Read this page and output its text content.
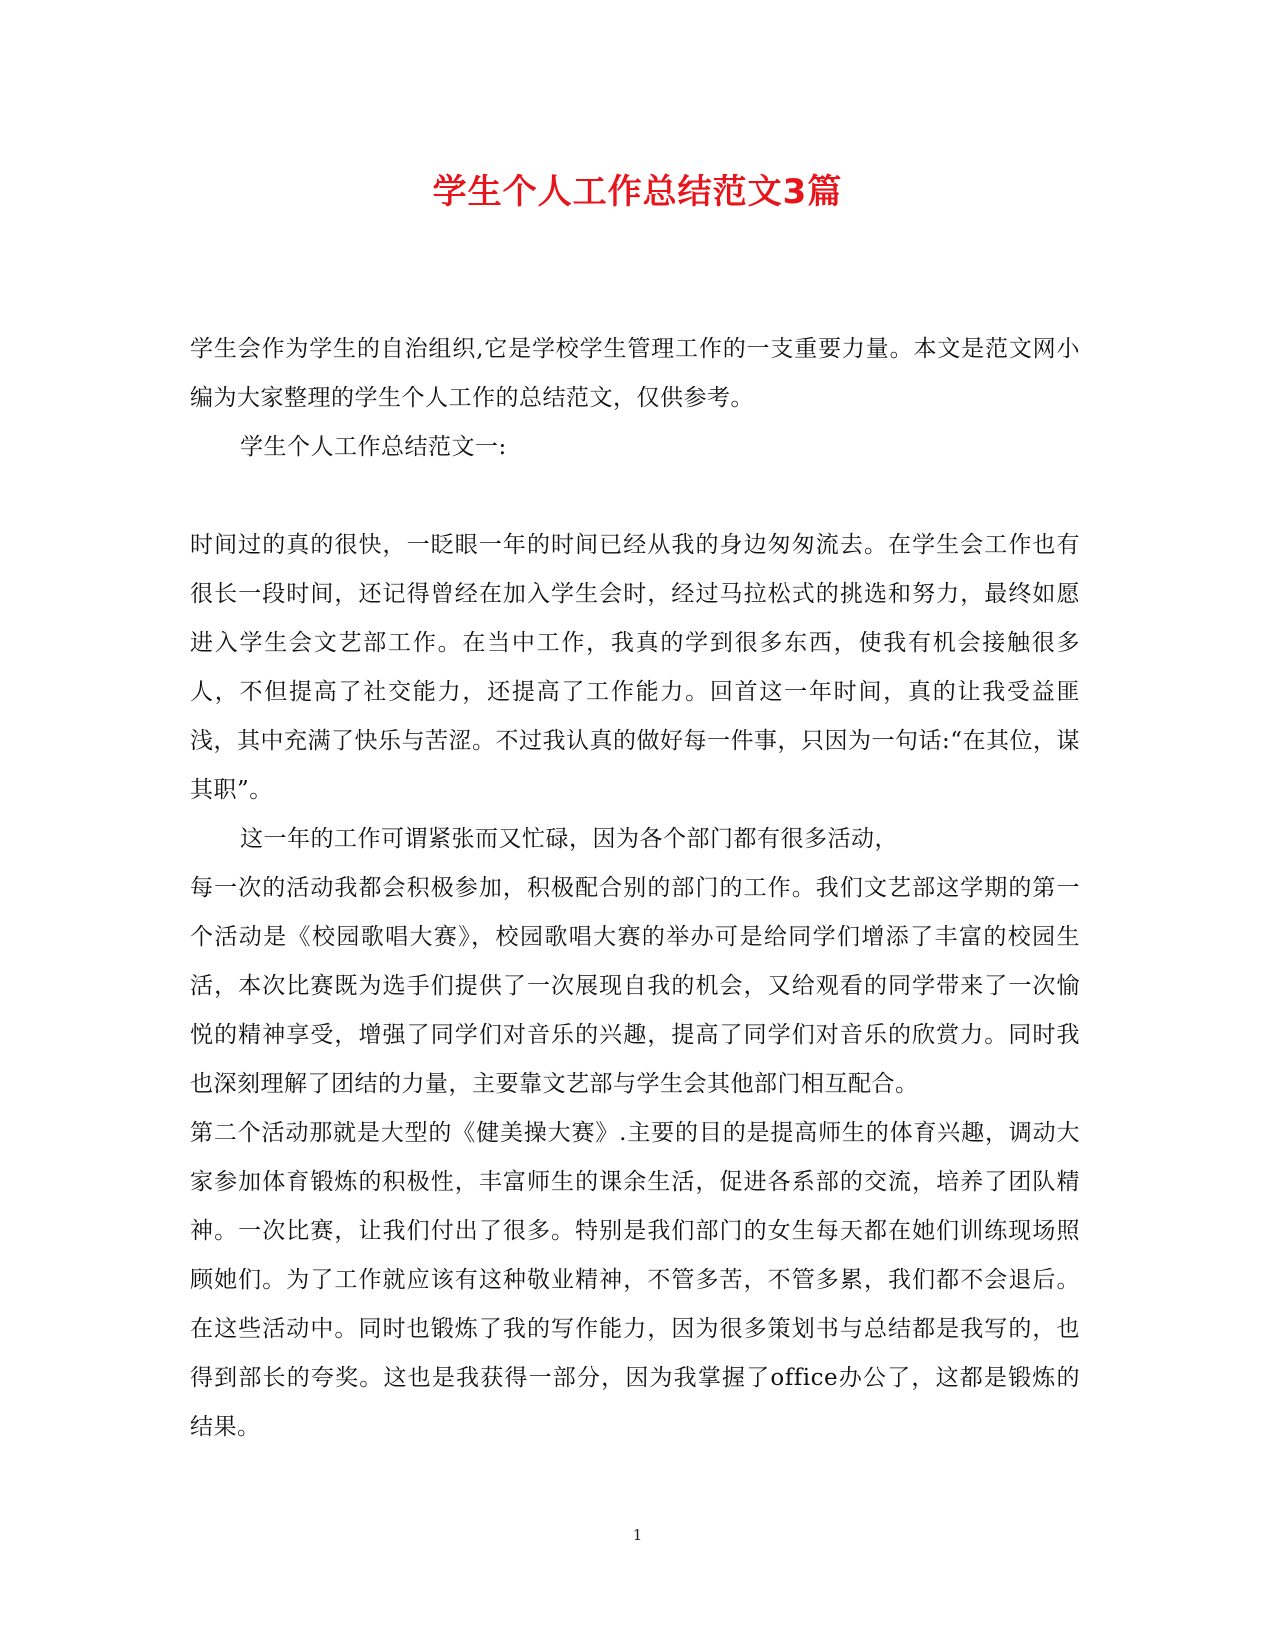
学生个人工作总结范文3篇

学生会作为学生的自治组织,它是学校学生管理工作的一支重要力量。本文是范文网小编为大家整理的学生个人工作的总结范文，仅供参考。

学生个人工作总结范文一:

时间过的真的很快，一眨眼一年的时间已经从我的身边匆匆流去。在学生会工作也有很长一段时间，还记得曾经在加入学生会时，经过马拉松式的挑选和努力，最终如愿进入学生会文艺部工作。在当中工作，我真的学到很多东西，使我有机会接触很多人，不但提高了社交能力，还提高了工作能力。回首这一年时间，真的让我受益匪浅，其中充满了快乐与苦涩。不过我认真的做好每一件事，只因为一句话:“在其位，谋其职”。

这一年的工作可谓紧张而又忙碌，因为各个部门都有很多活动，

每一次的活动我都会积极参加，积极配合别的部门的工作。我们文艺部这学期的第一个活动是《校园歌唱大赛》，校园歌唱大赛的举办可是给同学们增添了丰富的校园生活，本次比赛既为选手们提供了一次展现自我的机会，又给观看的同学带来了一次愉悦的精神享受，增强了同学们对音乐的兴趣，提高了同学们对音乐的欣赏力。同时我也深刻理解了团结的力量，主要靠文艺部与学生会其他部门相互配合。

第二个活动那就是大型的《健美操大赛》.主要的目的是提高师生的体育兴趣，调动大家参加体育锻炼的积极性，丰富师生的课余生活，促进各系部的交流，培养了团队精神。一次比赛，让我们付出了很多。特别是我们部门的女生每天都在她们训练现场照顾她们。为了工作就应该有这种敬业精神，不管多苦，不管多累，我们都不会退后。在这些活动中。同时也锻炼了我的写作能力，因为很多策划书与总结都是我写的，也得到部长的夸奖。这也是我获得一部分，因为我掌握了office办公了，这都是锻炼的结果。

1
